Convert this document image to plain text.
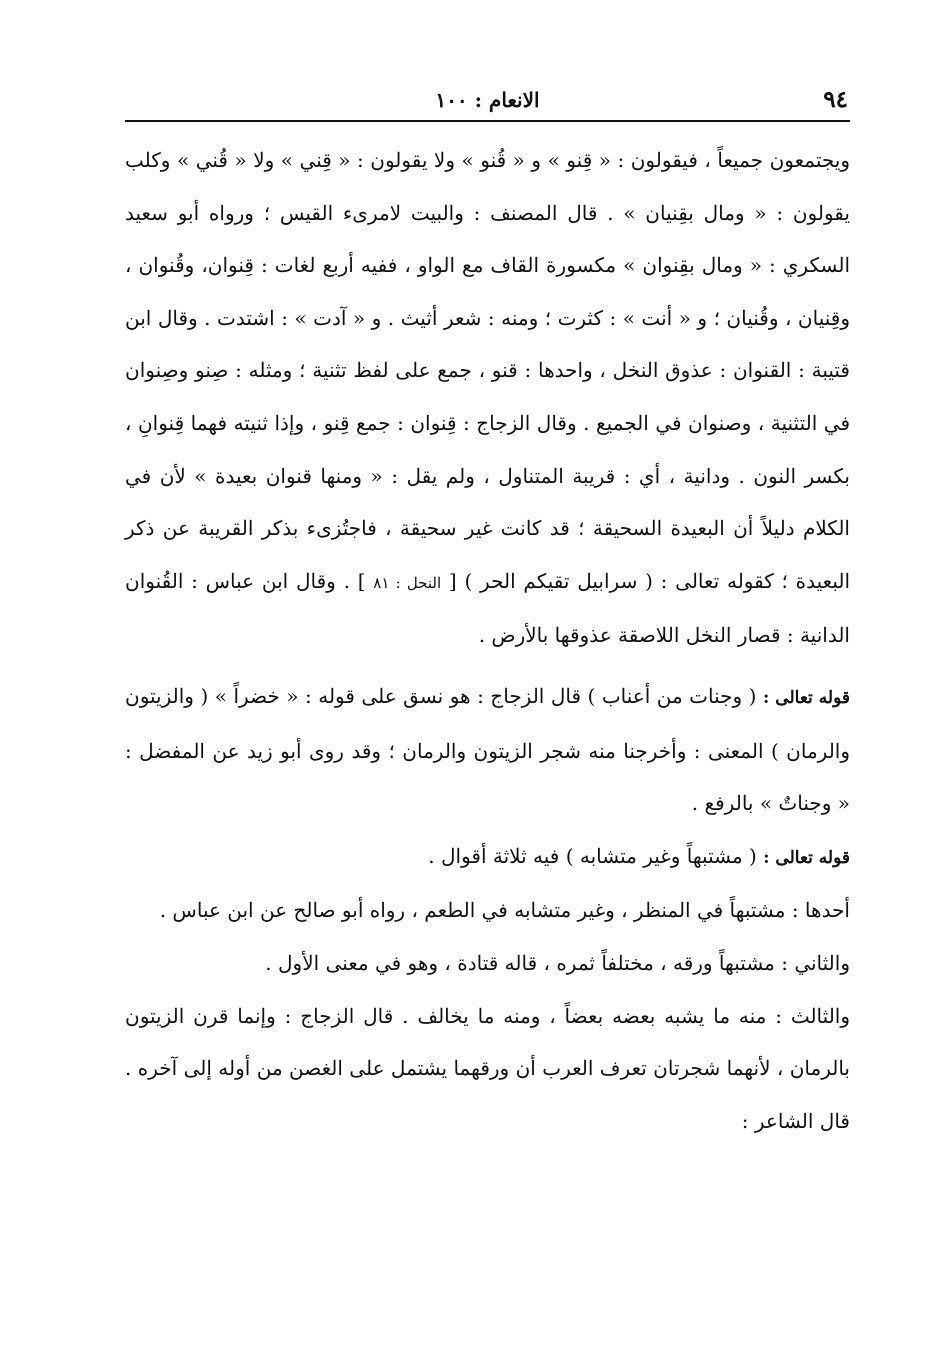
٩٤
الانعام : ١٠٠

ويجتمعون جميعاً ، فيقولون : « قِنو » و « قُنو » ولا يقولون : « قِني » ولا « قُني » وكلب يقولون : « ومال بقِنيان » . قال المصنف : والبيت لامرىء القيس ؛ ورواه أبو سعيد السكري : « ومال بقِنوان » مكسورة القاف مع الواو ، ففيه أربع لغات : قِنوان، وقُنوان ، وقِنيان ، وقُنيان ؛ و « أنت » : كثرت ؛ ومنه : شعر أثيث . و « آدت » : اشتدت . وقال ابن قتيبة : القنوان : عذوق النخل ، واحدها : قنو ، جمع على لفظ تثنية ؛ ومثله : صِنو وصِنوان في التثنية ، وصنوان في الجميع . وقال الزجاج : قِنوان : جمع قِنو ، وإذا ثنيته فهما قِنوانِ ، بكسر النون . ودانية ، أي : قريبة المتناول ، ولم يقل : « ومنها قنوان بعيدة » لأن في الكلام دليلاً أن البعيدة السحيقة ؛ قد كانت غير سحيقة ، فاجتُزىء بذكر القريبة عن ذكر البعيدة ؛ كقوله تعالى : ( سرابيل تقيكم الحر ) [ النحل : ٨١ ] . وقال ابن عباس : القُنوان الدانية : قصار النخل اللاصقة عذوقها بالأرض .

قوله تعالى : ( وجنات من أعناب ) قال الزجاج : هو نسق على قوله : « خضراً » ( والزيتون والرمان ) المعنى : وأخرجنا منه شجر الزيتون والرمان ؛ وقد روى أبو زيد عن المفضل : « وجناتٌ » بالرفع .

قوله تعالى : ( مشتبهاً وغير متشابه ) فيه ثلاثة أقوال .

أحدها : مشتبهاً في المنظر ، وغير متشابه في الطعم ، رواه أبو صالح عن ابن عباس .

والثاني : مشتبهاً ورقه ، مختلفاً ثمره ، قاله قتادة ، وهو في معنى الأول .

والثالث : منه ما يشبه بعضه بعضاً ، ومنه ما يخالف . قال الزجاج : وإنما قرن الزيتون بالرمان ، لأنهما شجرتان تعرف العرب أن ورقهما يشتمل على الغصن من أوله إلى آخره . قال الشاعر :
